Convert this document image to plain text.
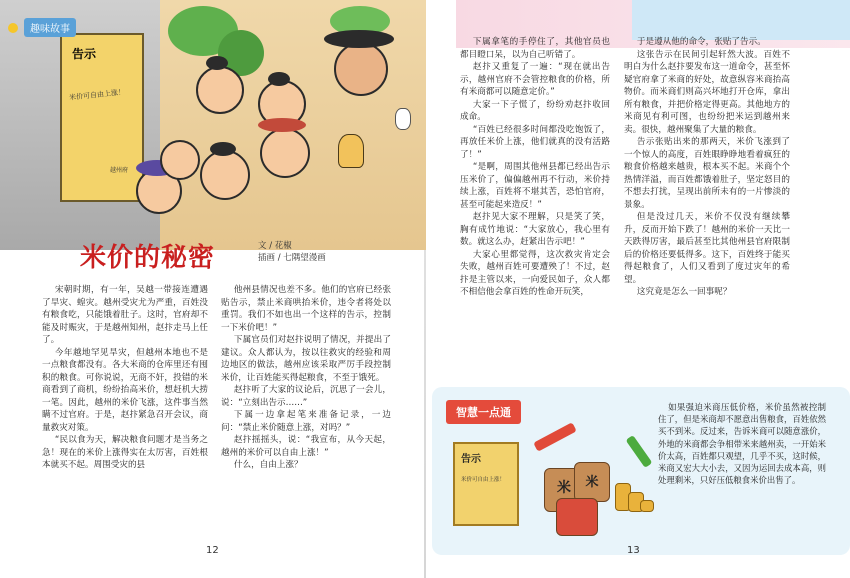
告示
米价可自由上涨！
越州府
趣味故事
米价的秘密	文 / 花椒
插画 / 七隅望漫画

宋朝时期，有一年，吴越一带接连遭遇了旱灾、蝗灾。越州受灾尤为严重，百姓没有粮食吃，只能饿着肚子。这时，官府却不能及时赈灾，于是越州知州，赵抃走马上任了。

今年越地罕见旱灾，但越州本地也不是一点粮食都没有。各大米商的仓库里还有囤积的粮食。可你说说，无商不奸，投错的米商看到了商机，纷纷抬高米价，想赶机大捞一笔。因此，越州的米价飞涨，这件事当然瞒不过官府。于是，赵抃紧急召开会议，商量救灾对策。

“民以食为天，解决粮食问题才是当务之急！现在的米价上涨得实在太厉害，百姓根本就买不起。周围受灾的县

他州县情况也差不多。他们的官府已经张贴告示，禁止米商哄抬米价，违令者将处以重罚。我们不如也出一个这样的告示，控制一下米价吧！”

下属官员们对赵抃说明了情况，并提出了建议。众人都认为，按以往救灾的经验和周边地区的做法，越州应该采取严厉手段控制米价，让百姓能买得起粮食，不至于饿死。

赵抃听了大家的议论后，沉思了一会儿，说：“立刻出告示……”

下属一边拿起笔来准备记录，一边问：“禁止米价随意上涨，对吗？”

赵抃摇摇头，说：“我宣布，从今天起，越州的米价可以自由上涨！”

什么，自由上涨？

下属拿笔的手停住了，其他官员也都目瞪口呆，以为自己听错了。

赵抃又重复了一遍：“现在就出告示，越州官府不会管控粮食的价格，所有米商都可以随意定价。”

大家一下子慌了，纷纷劝赵抃收回成命。

“百姓已经很多时间都没吃饱饭了，再放任米价上涨，他们就真的没有活路了！”

“是啊，周围其他州县都已经出告示压米价了，偏偏越州再不行动，米价持续上涨，百姓将不堪其苦，恐怕官府，甚至可能起来造反！”

赵抃见大家不理解，只是笑了笑，胸有成竹地说：“大家放心，我心里有数。就这么办，赶紧出告示吧！”

大家心里都觉得，这次救灾肯定会失败，越州百姓可要遭殃了！不过，赵抃是主管以来，一向爱民如子，众人都不相信他会拿百姓的性命开玩笑，

于是遵从他的命令，张贴了告示。

这张告示在民间引起轩然大波。百姓不明白为什么赵抃要发布这一道命令，甚至怀疑官府拿了米商的好处，故意纵容米商抬高物价。而米商们则高兴坏地打开仓库，拿出所有粮食，并把价格定得更高。其他地方的米商见有利可图，也纷纷把米运到越州来卖。很快，越州聚集了大量的粮食。

告示张贴出来的那两天，米价飞涨到了一个惊人的高度，百姓眼睁睁地看着疯狂的粮食价格越来越贵，根本买不起。米商个个热情洋溢，而百姓都饿着肚子，坚定怒目的不想去打扰，呈现出前所未有的一片惨淡的景象。

但是没过几天，米价不仅没有继续攀升，反而开始下跌了！越州的米价一天比一天跌得厉害，最后甚至比其他州县官府限制后的价格还要低得多。这下，百姓终于能买得起粮食了，人们又看到了度过灾年的希望。

这究竟是怎么一回事呢？

智慧一点通
告示
米价可自由上涨！	米	米

如果强迫米商压低价格，米价虽然被控制住了，但是米商却不愿意出售粮食，百姓依然买不到米。反过来，告诉米商可以随意涨价，外地的米商都会争相带米来越州卖，一开始米价太高，百姓都只观望，几乎不买，这时候，米商又宏大大小去，又因为运回去成本高，则处理剩米，只好压低粮食米价出售了。

12	13
